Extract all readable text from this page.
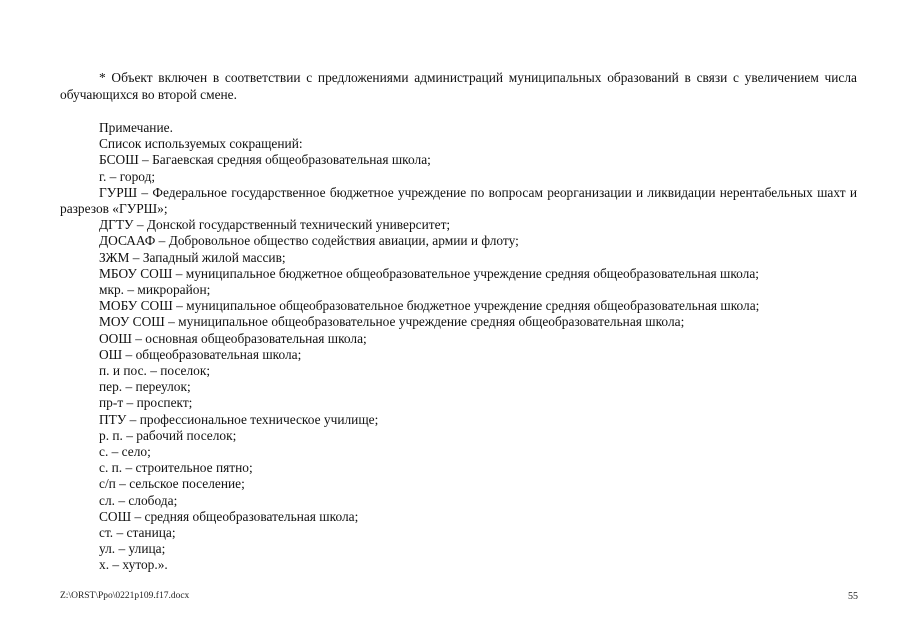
* Объект включен в соответствии с предложениями администраций муниципальных образований в связи с увеличением числа обучающихся во второй смене.

Примечание.

Список используемых сокращений:

БСОШ – Багаевская средняя общеобразовательная школа;

г. – город;

ГУРШ – Федеральное государственное бюджетное учреждение по вопросам реорганизации и ликвидации нерентабельных шахт и разрезов «ГУРШ»;

ДГТУ – Донской государственный технический университет;

ДОСААФ – Добровольное общество содействия авиации, армии и флоту;

ЗЖМ – Западный жилой массив;

МБОУ СОШ – муниципальное бюджетное общеобразовательное учреждение средняя общеобразовательная школа;

мкр. – микрорайон;

МОБУ СОШ – муниципальное общеобразовательное бюджетное учреждение средняя общеобразовательная школа;

МОУ СОШ – муниципальное общеобразовательное учреждение средняя общеобразовательная школа;

ООШ – основная общеобразовательная школа;

ОШ – общеобразовательная школа;

п. и пос. – поселок;

пер. – переулок;

пр-т – проспект;

ПТУ – профессиональное техническое училище;

р. п. – рабочий поселок;

с. – село;

с. п. – строительное пятно;

с/п – сельское поселение;

сл. – слобода;

СОШ – средняя общеобразовательная школа;

ст. – станица;

ул. – улица;

х. – хутор.».

Z:\ORST\Ppo\0221p109.f17.docx	55
